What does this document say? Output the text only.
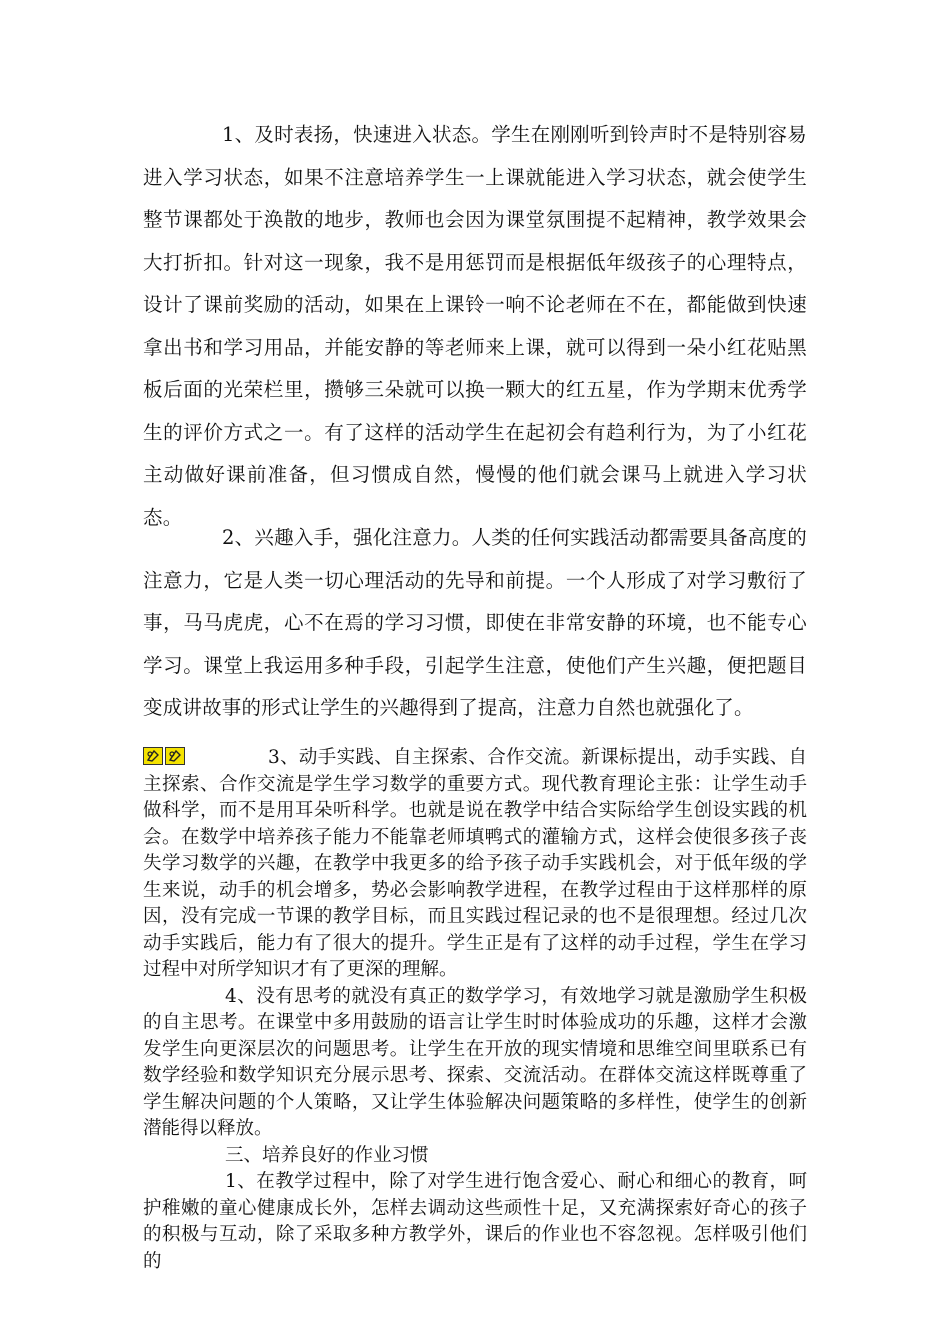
1、及时表扬，快速进入状态。学生在刚刚听到铃声时不是特别容易进入学习状态，如果不注意培养学生一上课就能进入学习状态，就会使学生整节课都处于涣散的地步，教师也会因为课堂氛围提不起精神，教学效果会大打折扣。针对这一现象，我不是用惩罚而是根据低年级孩子的心理特点，设计了课前奖励的活动，如果在上课铃一响不论老师在不在，都能做到快速拿出书和学习用品，并能安静的等老师来上课，就可以得到一朵小红花贴黑板后面的光荣栏里，攒够三朵就可以换一颗大的红五星，作为学期末优秀学生的评价方式之一。有了这样的活动学生在起初会有趋利行为，为了小红花主动做好课前准备，但习惯成自然，慢慢的他们就会课马上就进入学习状态。

2、兴趣入手，强化注意力。人类的任何实践活动都需要具备高度的注意力，它是人类一切心理活动的先导和前提。一个人形成了对学习敷衍了事，马马虎虎，心不在焉的学习习惯，即使在非常安静的环境，也不能专心学习。课堂上我运用多种手段，引起学生注意，使他们产生兴趣，便把题目变成讲故事的形式让学生的兴趣得到了提高，注意力自然也就强化了。

3、动手实践、自主探索、合作交流。新课标提出，动手实践、自主探索、合作交流是学生学习数学的重要方式。现代教育理论主张：让学生动手做科学，而不是用耳朵听科学。也就是说在教学中结合实际给学生创设实践的机会。在数学中培养孩子能力不能靠老师填鸭式的灌输方式，这样会使很多孩子丧失学习数学的兴趣，在教学中我更多的给予孩子动手实践机会，对于低年级的学生来说，动手的机会增多，势必会影响教学进程，在教学过程由于这样那样的原因，没有完成一节课的教学目标，而且实践过程记录的也不是很理想。经过几次动手实践后，能力有了很大的提升。学生正是有了这样的动手过程，学生在学习过程中对所学知识才有了更深的理解。

4、没有思考的就没有真正的数学学习，有效地学习就是激励学生积极的自主思考。在课堂中多用鼓励的语言让学生时时体验成功的乐趣，这样才会激发学生向更深层次的问题思考。让学生在开放的现实情境和思维空间里联系已有数学经验和数学知识充分展示思考、探索、交流活动。在群体交流这样既尊重了学生解决问题的个人策略，又让学生体验解决问题策略的多样性，使学生的创新潜能得以释放。

三、培养良好的作业习惯

1、在教学过程中，除了对学生进行饱含爱心、耐心和细心的教育，呵护稚嫩的童心健康成长外，怎样去调动这些顽性十足，又充满探索好奇心的孩子的积极与互动，除了采取多种方教学外，课后的作业也不容忽视。怎样吸引他们的
